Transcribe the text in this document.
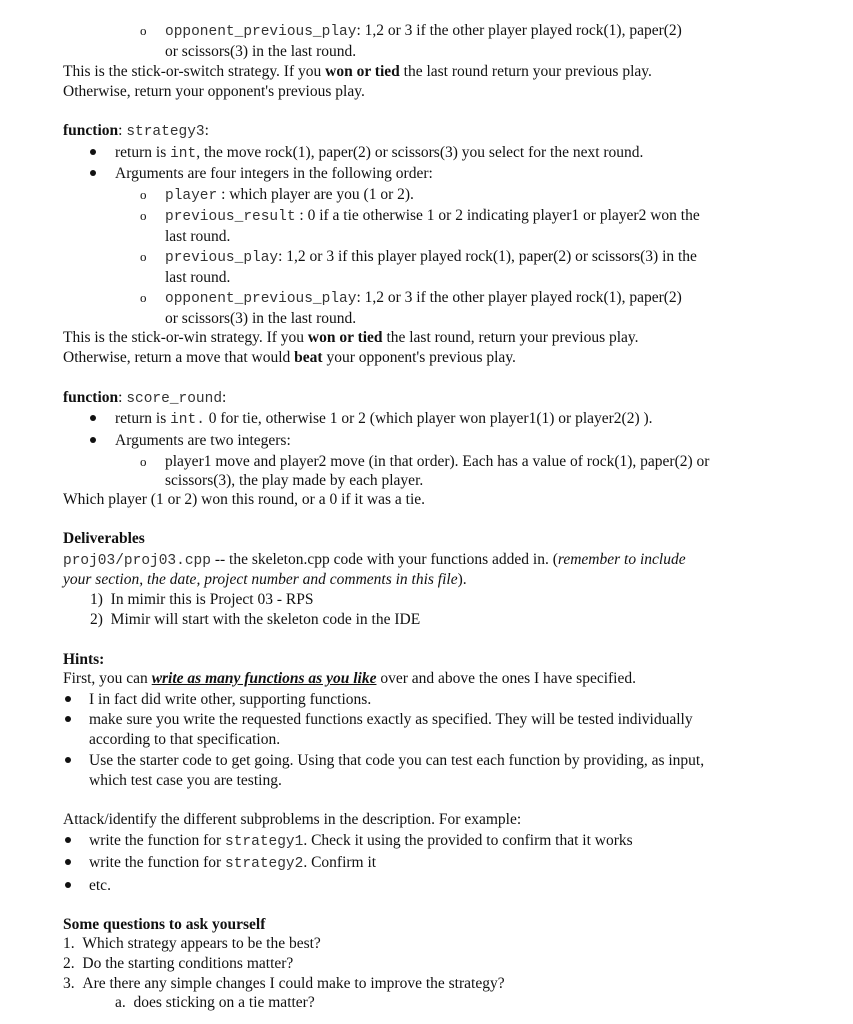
o opponent_previous_play: 1,2 or 3 if the other player played rock(1), paper(2)
or scissors(3) in the last round.
This is the stick-or-switch strategy. If you won or tied the last round return your previous play.
Otherwise, return your opponent's previous play.
function: strategy3:
return is int, the move rock(1), paper(2) or scissors(3) you select for the next round.
Arguments are four integers in the following order:
o player : which player are you (1 or 2).
o previous_result : 0 if a tie otherwise 1 or 2 indicating player1 or player2 won the
last round.
o previous_play: 1,2 or 3 if this player played rock(1), paper(2) or scissors(3) in the
last round.
o opponent_previous_play: 1,2 or 3 if the other player played rock(1), paper(2)
or scissors(3) in the last round.
This is the stick-or-win strategy. If you won or tied the last round, return your previous play.
Otherwise, return a move that would beat your opponent's previous play.
function: score_round:
return is int. 0 for tie, otherwise 1 or 2 (which player won player1(1) or player2(2) ).
Arguments are two integers:
o player1 move and player2 move (in that order). Each has a value of rock(1), paper(2) or
scissors(3), the play made by each player.
Which player (1 or 2) won this round, or a 0 if it was a tie.
Deliverables
proj03/proj03.cpp -- the skeleton.cpp code with your functions added in. (remember to include
your section, the date, project number and comments in this file).
1)  In mimir this is Project 03 - RPS
2)  Mimir will start with the skeleton code in the IDE
Hints:
First, you can write as many functions as you like over and above the ones I have specified.
I in fact did write other, supporting functions.
make sure you write the requested functions exactly as specified. They will be tested individually
according to that specification.
Use the starter code to get going. Using that code you can test each function by providing, as input,
which test case you are testing.
Attack/identify the different subproblems in the description. For example:
write the function for strategy1. Check it using the provided to confirm that it works
write the function for strategy2. Confirm it
etc.
Some questions to ask yourself
1.  Which strategy appears to be the best?
2.  Do the starting conditions matter?
3.  Are there any simple changes I could make to improve the strategy?
a.  does sticking on a tie matter?
